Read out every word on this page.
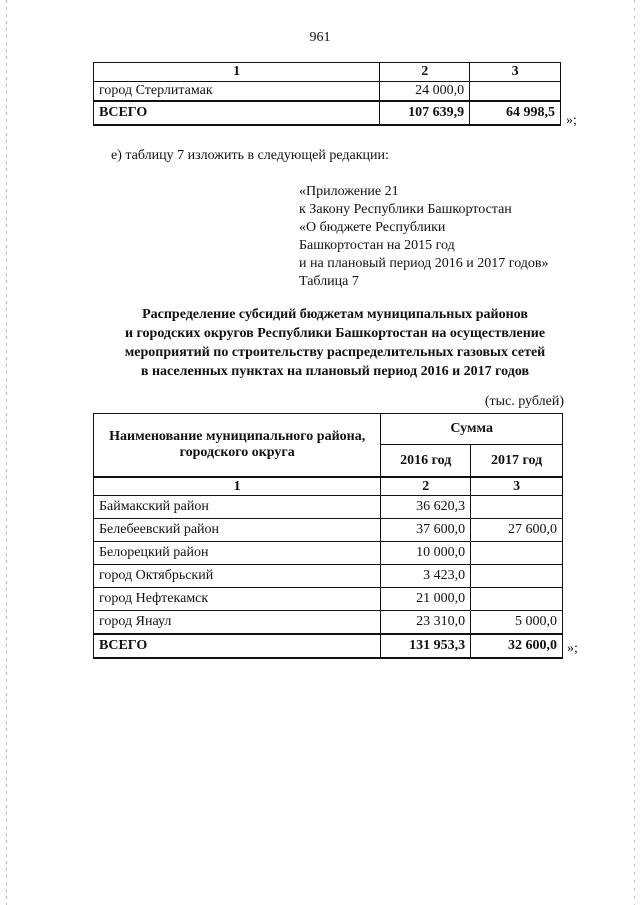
961
1	2	3
город Стерлитамак	24 000,0	
ВСЕГО	107 639,9	64 998,5
»;
е) таблицу 7 изложить в следующей редакции:
«Приложение 21
к Закону Республики Башкортостан
«О бюджете Республики
Башкортостан на 2015 год
и на плановый период 2016 и 2017 годов»
Таблица 7
Распределение субсидий бюджетам муниципальных районов
и городских округов Республики Башкортостан на осуществление
мероприятий по строительству распределительных газовых сетей
в населенных пунктах на плановый период 2016 и 2017 годов
(тыс. рублей)
Наименование муниципального района, городского округа	Сумма	
	2016 год	2017 год
1	2	3
Баймакский район	36 620,3	
Белебеевский район	37 600,0	27 600,0
Белорецкий район	10 000,0	
город Октябрьский	3 423,0	
город Нефтекамск	21 000,0	
город Янаул	23 310,0	5 000,0
ВСЕГО	131 953,3	32 600,0 »;
